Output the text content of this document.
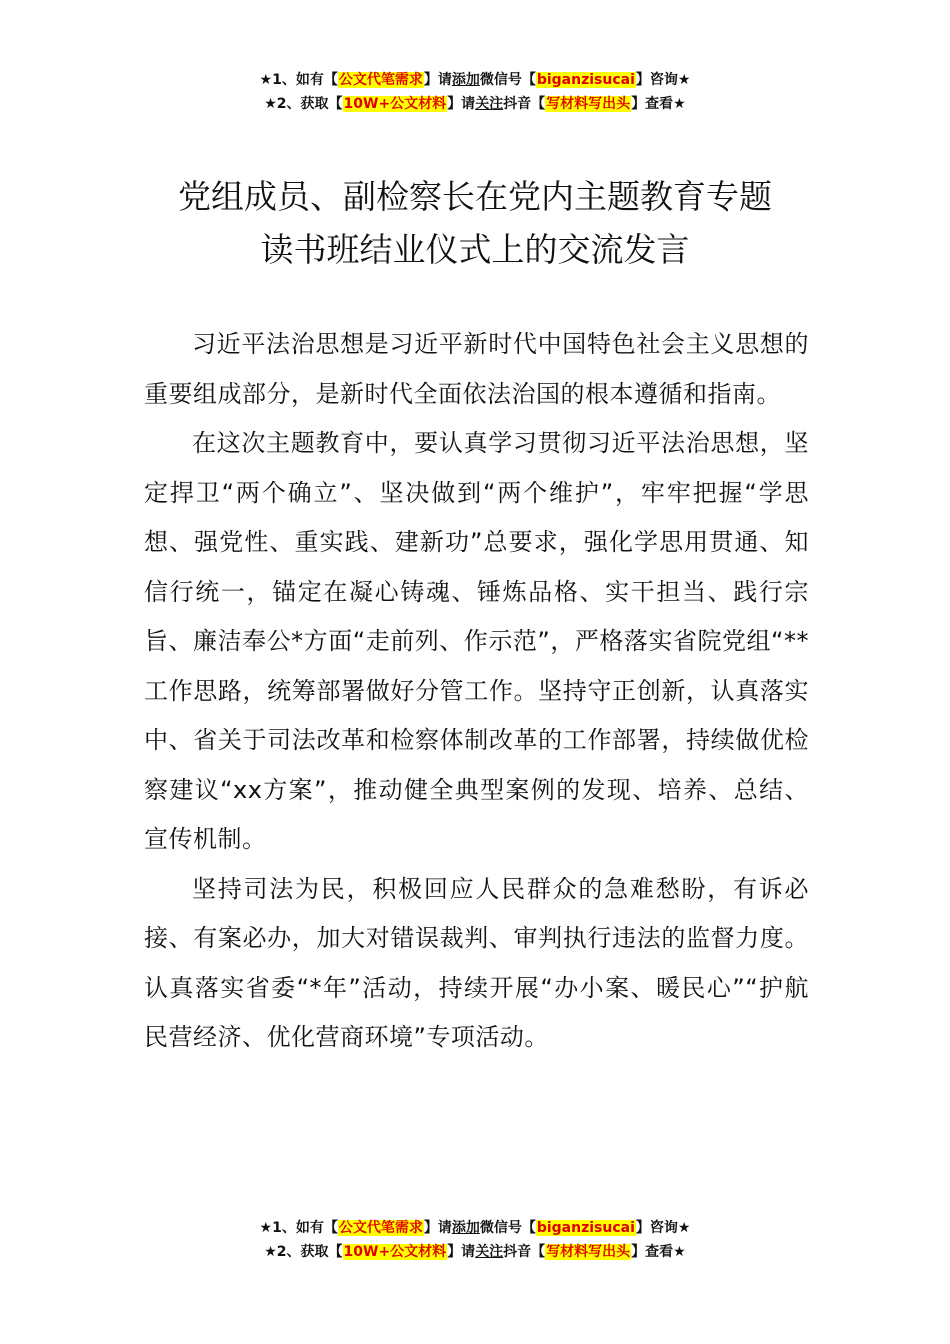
★1、如有【公文代笔需求】请添加微信号【biganzisucai】咨询★
★2、获取【10W+公文材料】请关注抖音【写材料写出头】查看★
党组成员、副检察长在党内主题教育专题
读书班结业仪式上的交流发言

习近平法治思想是习近平新时代中国特色社会主义思想的重要组成部分，是新时代全面依法治国的根本遵循和指南。

在这次主题教育中，要认真学习贯彻习近平法治思想，坚定捍卫“两个确立”、坚决做到“两个维护”，牢牢把握“学思想、强党性、重实践、建新功”总要求，强化学思用贯通、知信行统一，锚定在凝心铸魂、锤炼品格、实干担当、践行宗旨、廉洁奉公*方面“走前列、作示范”，严格落实省院党组“**工作思路，统筹部署做好分管工作。坚持守正创新，认真落实中、省关于司法改革和检察体制改革的工作部署，持续做优检察建议“xx方案”，推动健全典型案例的发现、培养、总结、宣传机制。

坚持司法为民，积极回应人民群众的急难愁盼，有诉必接、有案必办，加大对错误裁判、审判执行违法的监督力度。认真落实省委“*年”活动，持续开展“办小案、暖民心”“护航民营经济、优化营商环境”专项活动。

★1、如有【公文代笔需求】请添加微信号【biganzisucai】咨询★
★2、获取【10W+公文材料】请关注抖音【写材料写出头】查看★
